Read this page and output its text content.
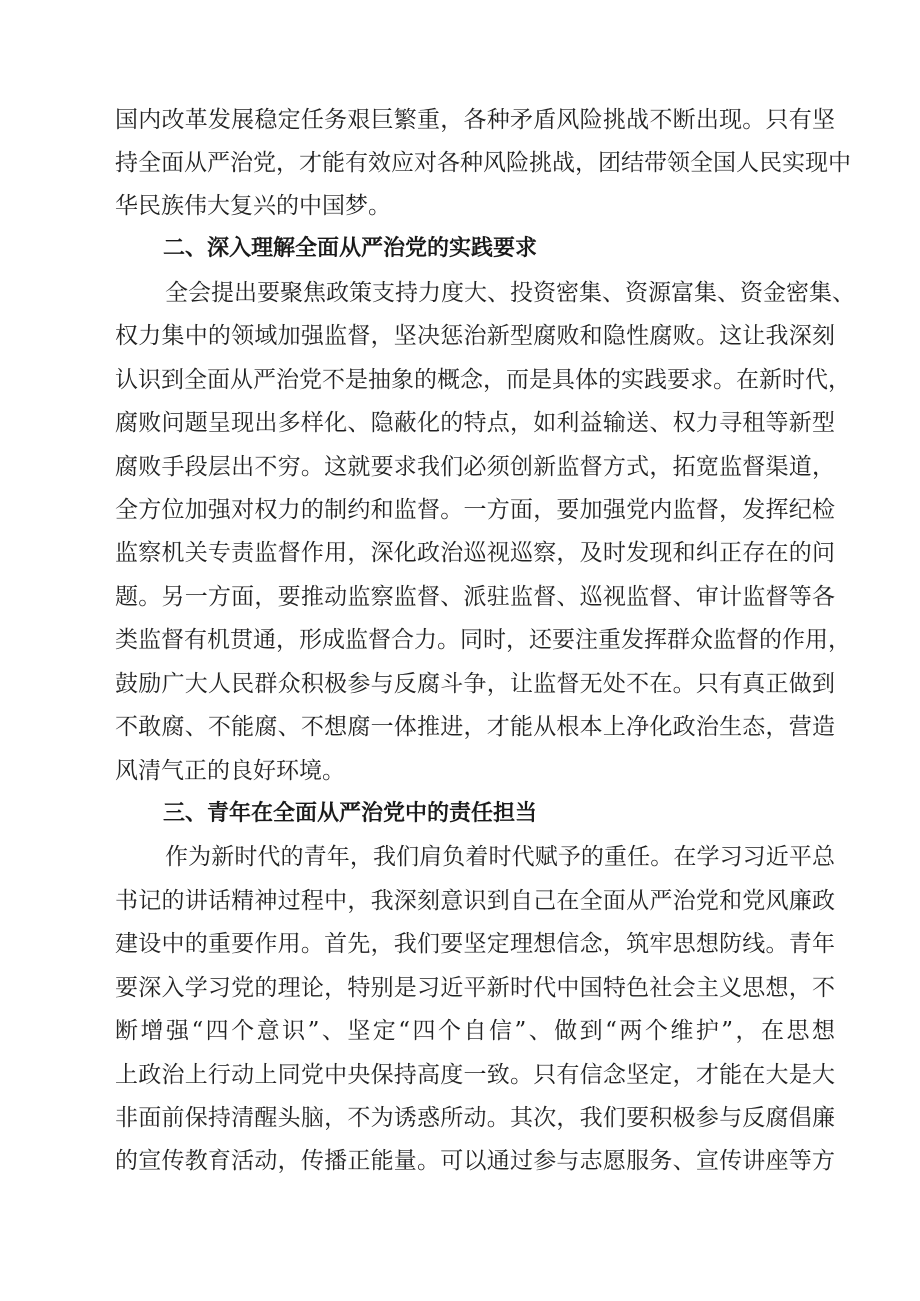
国内改革发展稳定任务艰巨繁重，各种矛盾风险挑战不断出现。只有坚
持全面从严治党，才能有效应对各种风险挑战，团结带领全国人民实现中
华民族伟大复兴的中国梦。
二、深入理解全面从严治党的实践要求
全会提出要聚焦政策支持力度大、投资密集、资源富集、资金密集、
权力集中的领域加强监督，坚决惩治新型腐败和隐性腐败。这让我深刻
认识到全面从严治党不是抽象的概念，而是具体的实践要求。在新时代，
腐败问题呈现出多样化、隐蔽化的特点，如利益输送、权力寻租等新型
腐败手段层出不穷。这就要求我们必须创新监督方式，拓宽监督渠道，
全方位加强对权力的制约和监督。一方面，要加强党内监督，发挥纪检
监察机关专责监督作用，深化政治巡视巡察，及时发现和纠正存在的问
题。另一方面，要推动监察监督、派驻监督、巡视监督、审计监督等各
类监督有机贯通，形成监督合力。同时，还要注重发挥群众监督的作用，
鼓励广大人民群众积极参与反腐斗争，让监督无处不在。只有真正做到
不敢腐、不能腐、不想腐一体推进，才能从根本上净化政治生态，营造
风清气正的良好环境。
三、青年在全面从严治党中的责任担当
作为新时代的青年，我们肩负着时代赋予的重任。在学习习近平总
书记的讲话精神过程中，我深刻意识到自己在全面从严治党和党风廉政
建设中的重要作用。首先，我们要坚定理想信念，筑牢思想防线。青年
要深入学习党的理论，特别是习近平新时代中国特色社会主义思想，不
断增强“四个意识”、坚定“四个自信”、做到“两个维护”，在思想
上政治上行动上同党中央保持高度一致。只有信念坚定，才能在大是大
非面前保持清醒头脑，不为诱惑所动。其次，我们要积极参与反腐倡廉
的宣传教育活动，传播正能量。可以通过参与志愿服务、宣传讲座等方
